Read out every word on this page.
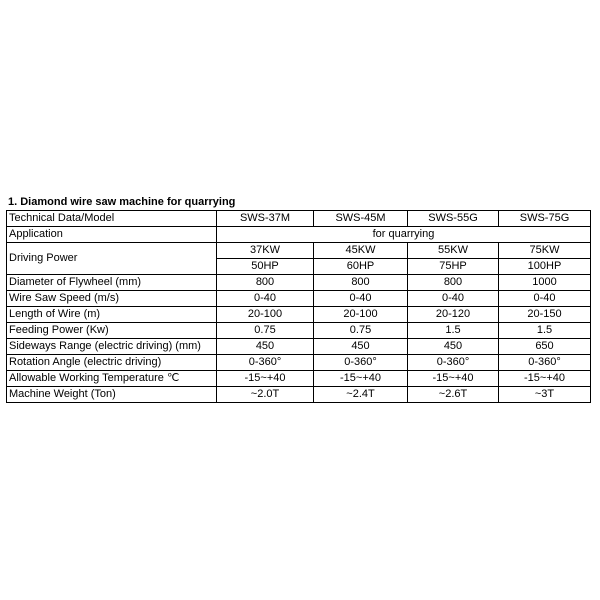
1. Diamond wire saw machine for quarrying
Technical Data/Model	SWS-37M	SWS-45M	SWS-55G	SWS-75G
Application	for quarrying			
Driving Power	37KW	45KW	55KW	75KW
	50HP	60HP	75HP	100HP
Diameter of Flywheel (mm)	800	800	800	1000
Wire Saw Speed (m/s)	0-40	0-40	0-40	0-40
Length of Wire (m)	20-100	20-100	20-120	20-150
Feeding Power (Kw)	0.75	0.75	1.5	1.5
Sideways Range (electric driving) (mm)	450	450	450	650
Rotation Angle (electric driving)	0-360°	0-360°	0-360°	0-360°
Allowable Working Temperature ℃	-15~+40	-15~+40	-15~+40	-15~+40
Machine Weight (Ton)	~2.0T	~2.4T	~2.6T	~3T
